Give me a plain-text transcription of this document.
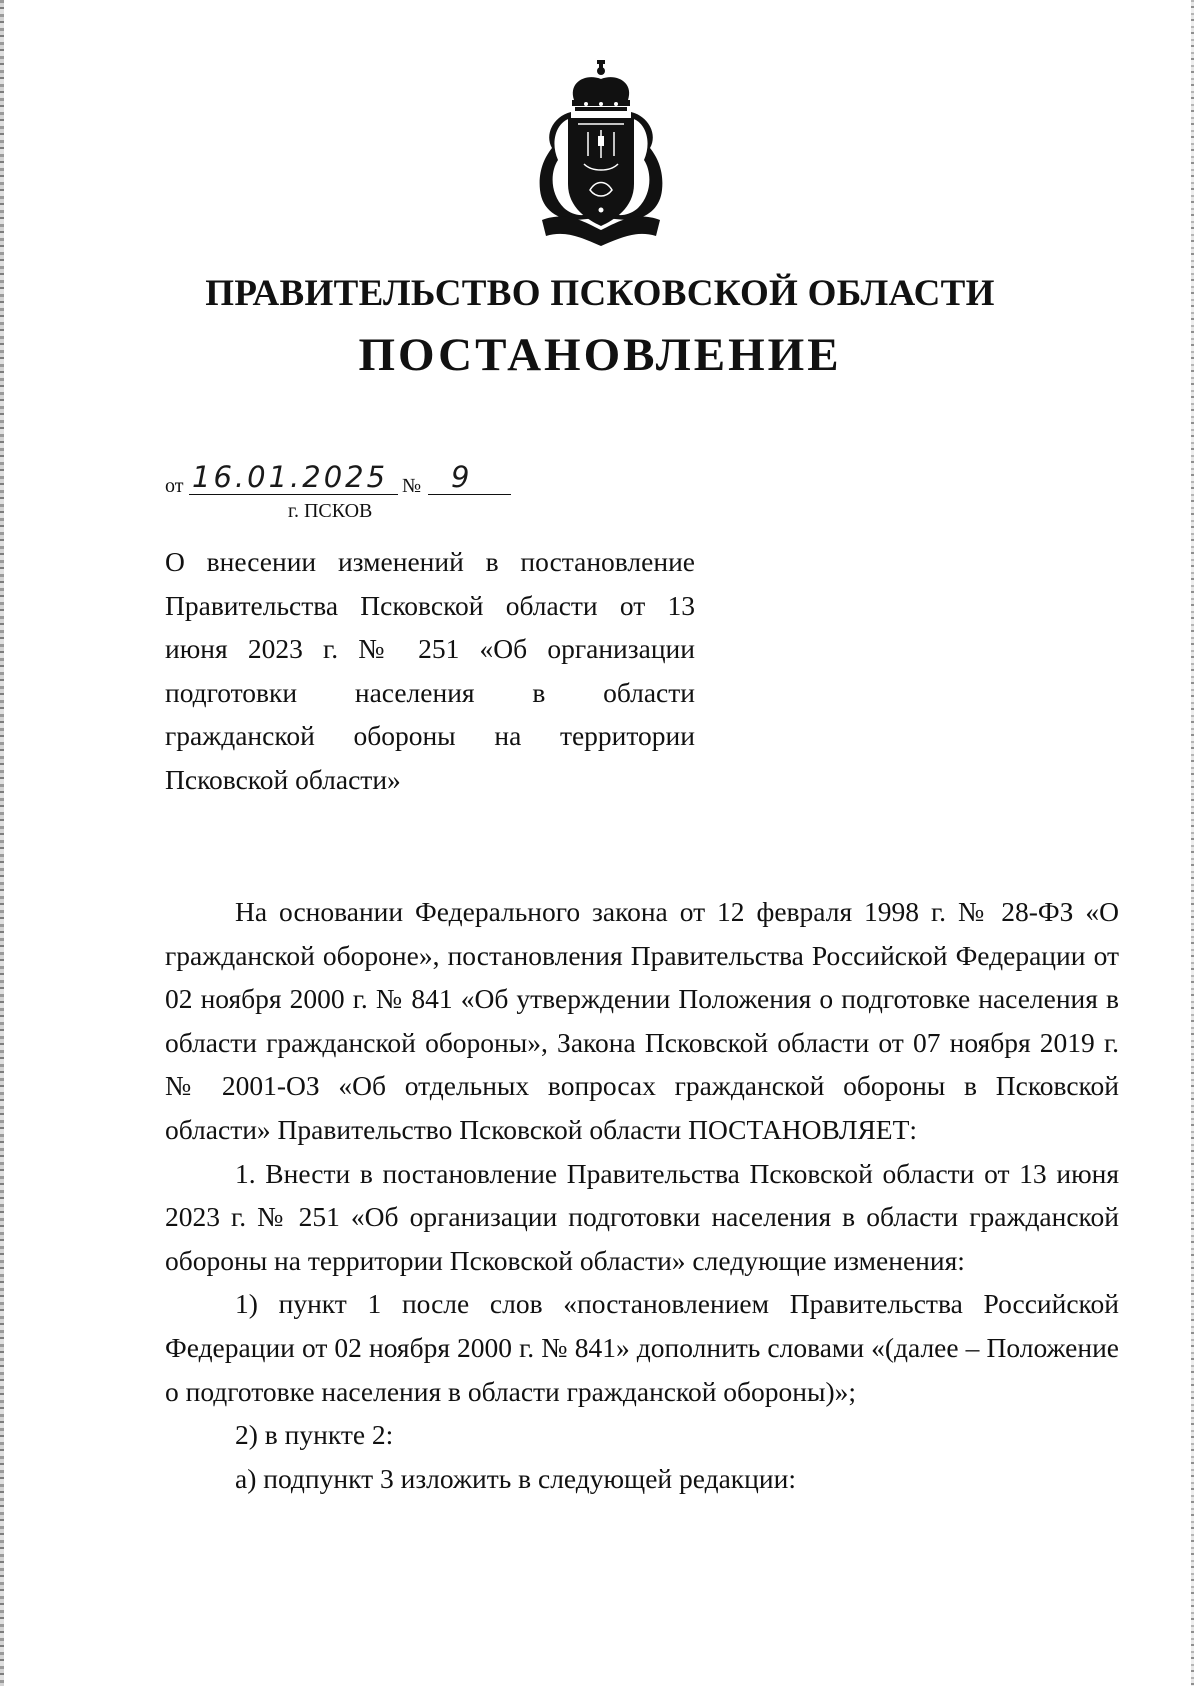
ПРАВИТЕЛЬСТВО ПСКОВСКОЙ ОБЛАСТИ
ПОСТАНОВЛЕНИЕ
от 16.01.2025 № 9
г. ПСКОВ

О внесении изменений в постановление Правительства Псковской области от 13 июня 2023 г. № 251 «Об организации подготовки населения в области гражданской обороны на территории Псковской области»

На основании Федерального закона от 12 февраля 1998 г. № 28-ФЗ «О гражданской обороне», постановления Правительства Российской Федерации от 02 ноября 2000 г. № 841 «Об утверждении Положения о подготовке населения в области гражданской обороны», Закона Псковской области от 07 ноября 2019 г. № 2001-ОЗ «Об отдельных вопросах гражданской обороны в Псковской области» Правительство Псковской области ПОСТАНОВЛЯЕТ:

1. Внести в постановление Правительства Псковской области от 13 июня 2023 г. № 251 «Об организации подготовки населения в области гражданской обороны на территории Псковской области» следующие изменения:

1) пункт 1 после слов «постановлением Правительства Российской Федерации от 02 ноября 2000 г. № 841» дополнить словами «(далее – Положение о подготовке населения в области гражданской обороны)»;

2) в пункте 2:

а) подпункт 3 изложить в следующей редакции:
